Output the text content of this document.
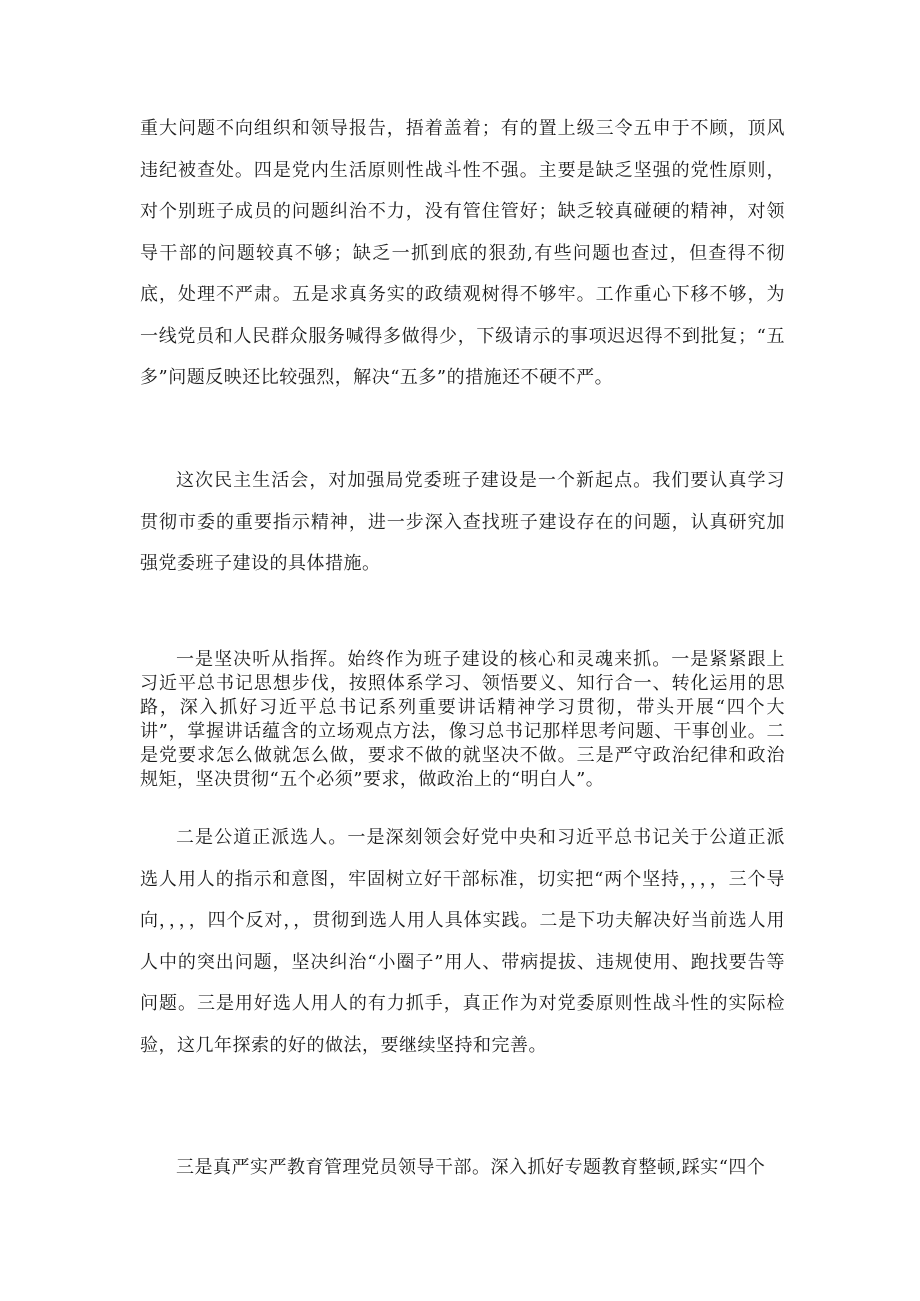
重大问题不向组织和领导报告，捂着盖着；有的置上级三令五申于不顾，顶风违纪被查处。四是党内生活原则性战斗性不强。主要是缺乏坚强的党性原则，对个别班子成员的问题纠治不力，没有管住管好；缺乏较真碰硬的精神，对领导干部的问题较真不够；缺乏一抓到底的狠劲,有些问题也查过，但查得不彻底，处理不严肃。五是求真务实的政绩观树得不够牢。工作重心下移不够，为一线党员和人民群众服务喊得多做得少，下级请示的事项迟迟得不到批复；“五多”问题反映还比较强烈，解决“五多”的措施还不硬不严。

这次民主生活会，对加强局党委班子建设是一个新起点。我们要认真学习贯彻市委的重要指示精神，进一步深入查找班子建设存在的问题，认真研究加强党委班子建设的具体措施。

一是坚决听从指挥。始终作为班子建设的核心和灵魂来抓。一是紧紧跟上习近平总书记思想步伐，按照体系学习、领悟要义、知行合一、转化运用的思路，深入抓好习近平总书记系列重要讲话精神学习贯彻，带头开展“四个大讲”，掌握讲话蕴含的立场观点方法，像习总书记那样思考问题、干事创业。二是党要求怎么做就怎么做，要求不做的就坚决不做。三是严守政治纪律和政治规矩，坚决贯彻“五个必须”要求，做政治上的“明白人”。

二是公道正派选人。一是深刻领会好党中央和习近平总书记关于公道正派选人用人的指示和意图，牢固树立好干部标准，切实把“两个坚持，，，，三个导向，，，，四个反对，，贯彻到选人用人具体实践。二是下功夫解决好当前选人用人中的突出问题，坚决纠治“小圈子”用人、带病提拔、违规使用、跑找要告等问题。三是用好选人用人的有力抓手，真正作为对党委原则性战斗性的实际检验，这几年探索的好的做法，要继续坚持和完善。

三是真严实严教育管理党员领导干部。深入抓好专题教育整顿,踩实“四个
